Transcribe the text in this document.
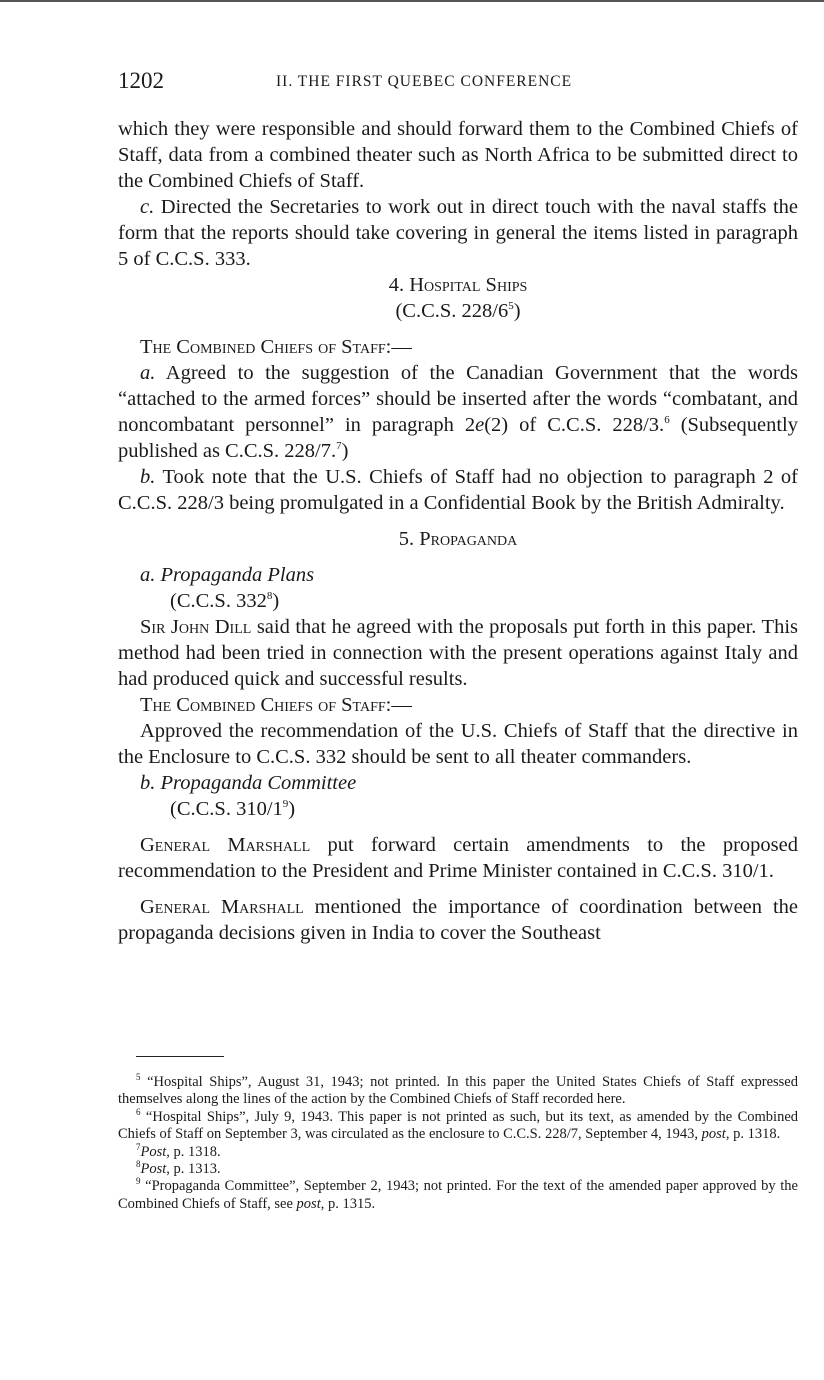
1202	II. THE FIRST QUEBEC CONFERENCE

which they were responsible and should forward them to the Combined Chiefs of Staff, data from a combined theater such as North Africa to be submitted direct to the Combined Chiefs of Staff.

c. Directed the Secretaries to work out in direct touch with the naval staffs the form that the reports should take covering in general the items listed in paragraph 5 of C.C.S. 333.

4. Hospital Ships

(C.C.S. $228/6^5$)

The Combined Chiefs of Staff:—

a. Agreed to the suggestion of the Canadian Government that the words “attached to the armed forces” should be inserted after the words “combatant, and noncombatant personnel” in paragraph 2e(2) of C.C.S. 228/3.$^6$ (Subsequently published as C.C.S. 228/7.$^7$)

b. Took note that the U.S. Chiefs of Staff had no objection to paragraph 2 of C.C.S. 228/3 being promulgated in a Confidential Book by the British Admiralty.

5. Propaganda

a. Propaganda Plans

(C.C.S. $332^8$)

Sir John Dill said that he agreed with the proposals put forth in this paper. This method had been tried in connection with the present operations against Italy and had produced quick and successful results.

The Combined Chiefs of Staff:—

Approved the recommendation of the U.S. Chiefs of Staff that the directive in the Enclosure to C.C.S. 332 should be sent to all theater commanders.

b. Propaganda Committee

(C.C.S. $310/1^9$)

General Marshall put forward certain amendments to the proposed recommendation to the President and Prime Minister contained in C.C.S. 310/1.

General Marshall mentioned the importance of coordination between the propaganda decisions given in India to cover the Southeast

$^5$ “Hospital Ships”, August 31, 1943; not printed. In this paper the United States Chiefs of Staff expressed themselves along the lines of the action by the Combined Chiefs of Staff recorded here.

$^6$ “Hospital Ships”, July 9, 1943. This paper is not printed as such, but its text, as amended by the Combined Chiefs of Staff on September 3, was circulated as the enclosure to C.C.S. 228/7, September 4, 1943, post, p. 1318.

$^7$Post, p. 1318.

$^8$Post, p. 1313.

$^9$ “Propaganda Committee”, September 2, 1943; not printed. For the text of the amended paper approved by the Combined Chiefs of Staff, see post, p. 1315.
